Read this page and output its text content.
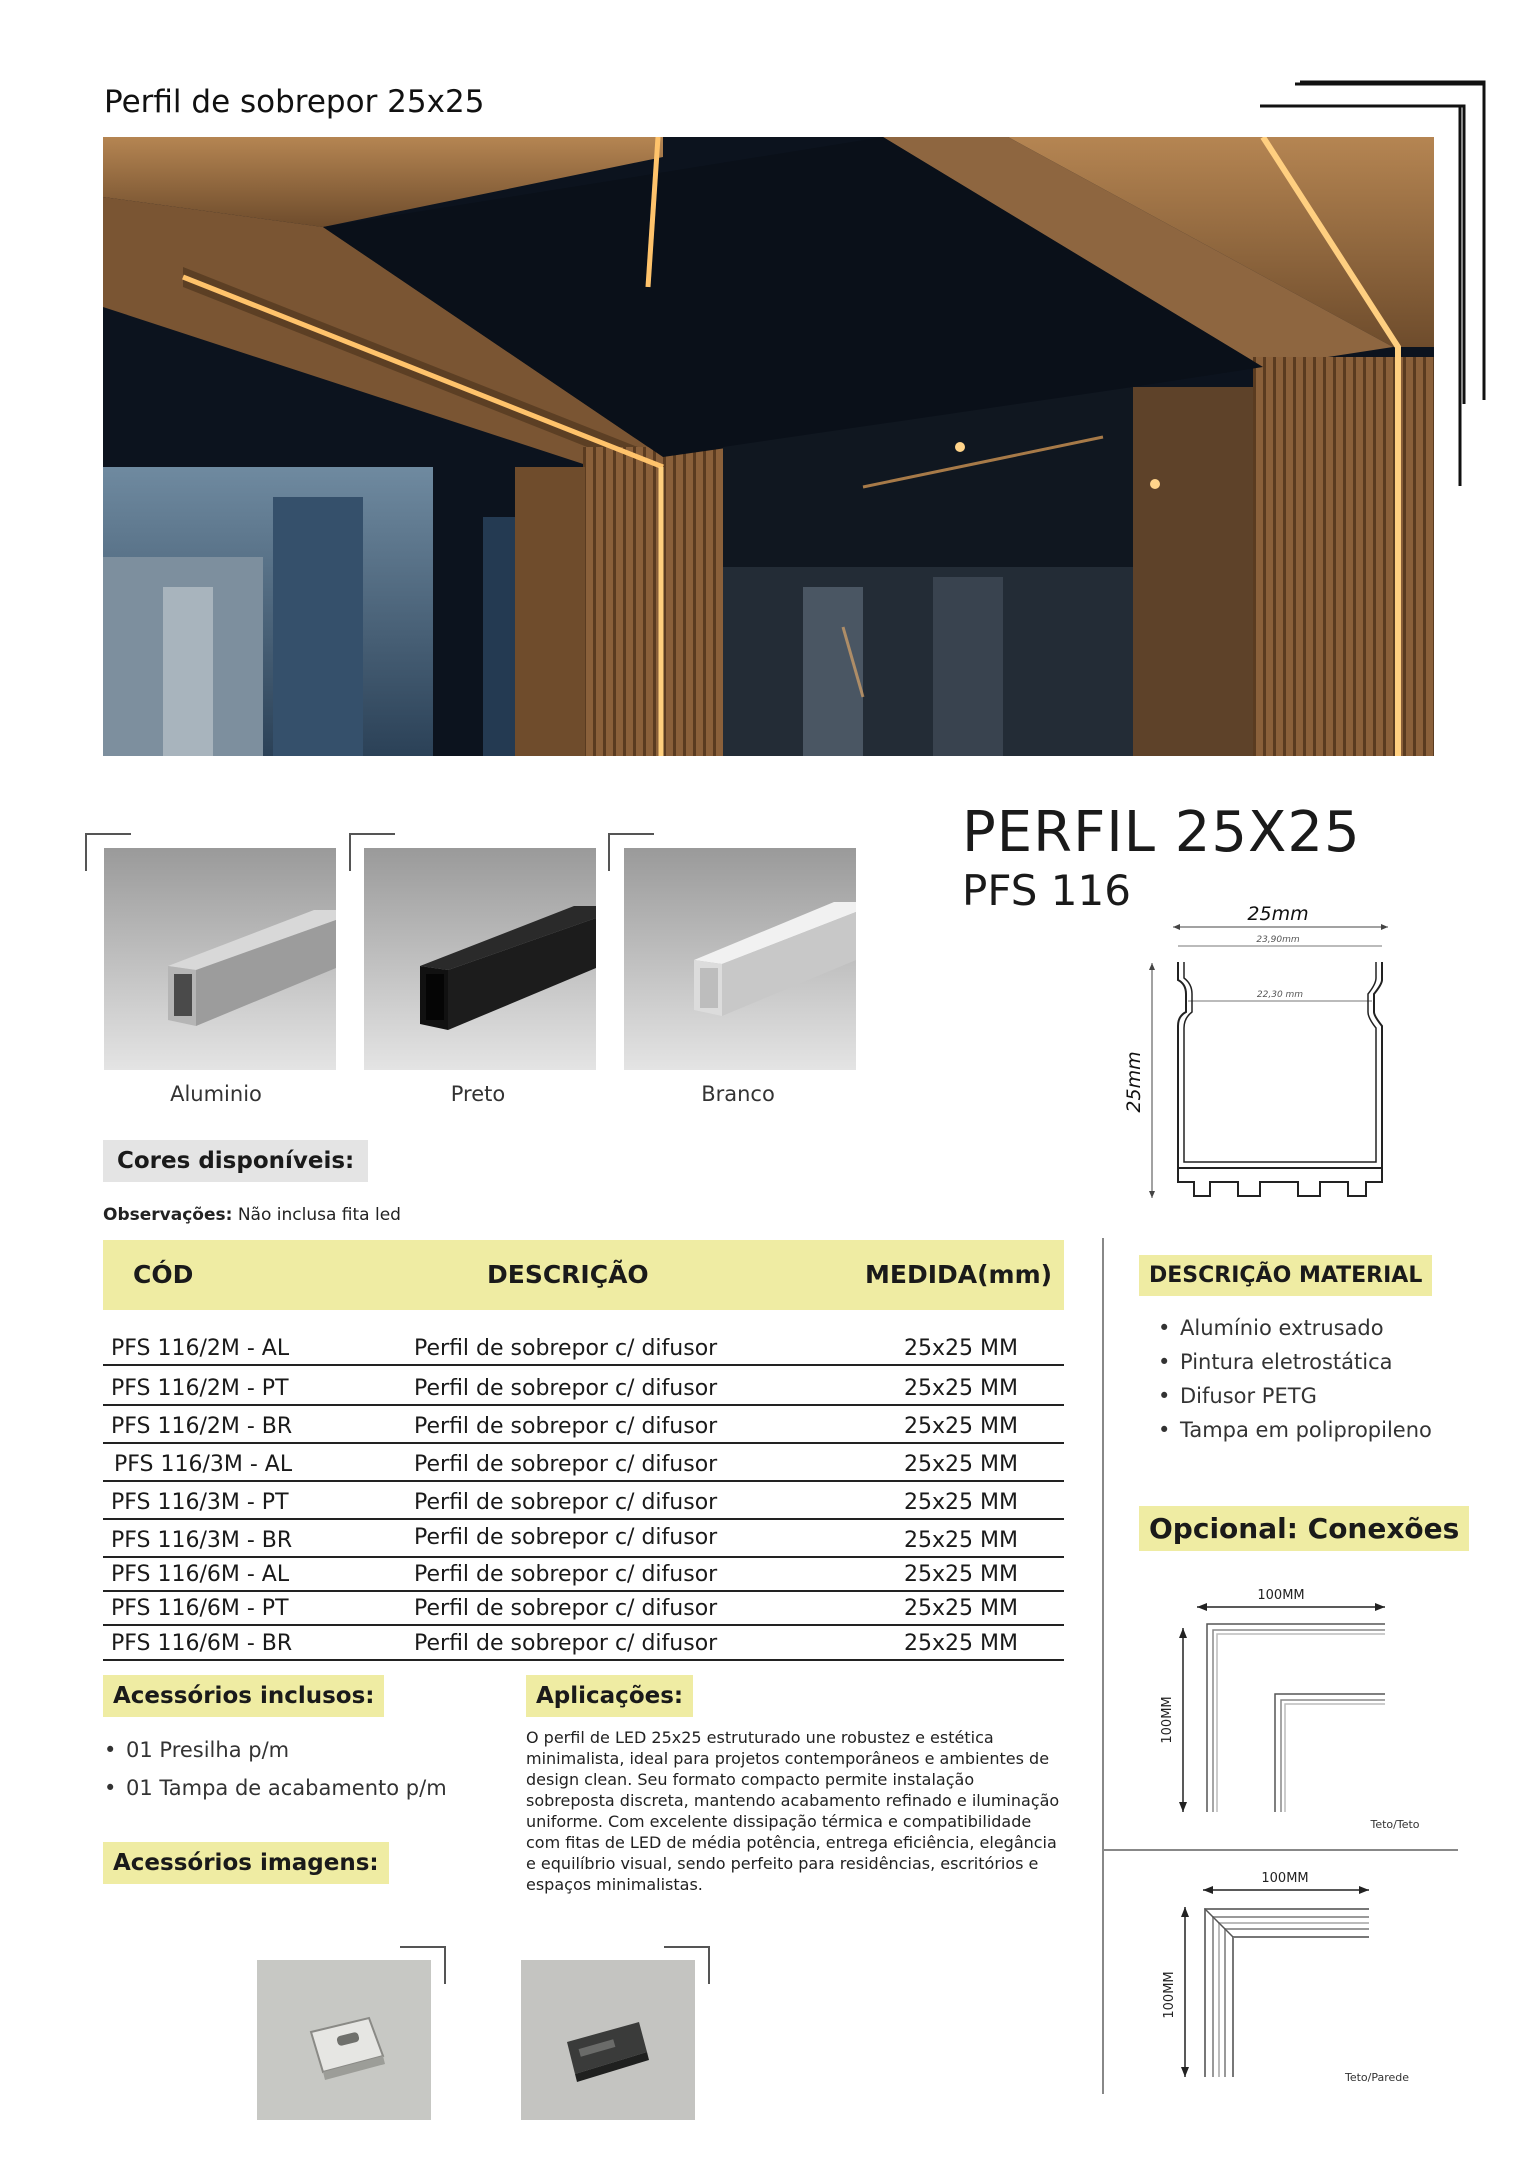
Perfil de sobrepor 25x25
Aluminio	Preto	Branco
Cores disponíveis:
PERFIL 25X25
PFS 116	25mm
23,90mm
22,30 mm
25mm
Observações: Não inclusa fita led
CÓD	DESCRIÇÃO	MEDIDA(mm)
PFS 116/2M - AL	Perfil de sobrepor c/ difusor	25x25 MM
PFS 116/2M - PT	Perfil de sobrepor c/ difusor	25x25 MM
PFS 116/2M - BR	Perfil de sobrepor c/ difusor	25x25 MM
PFS 116/3M - AL	Perfil de sobrepor c/ difusor	25x25 MM
PFS 116/3M - PT	Perfil de sobrepor c/ difusor	25x25 MM
PFS 116/3M - BR	Perfil de sobrepor c/ difusor	25x25 MM
PFS 116/6M - AL	Perfil de sobrepor c/ difusor	25x25 MM
PFS 116/6M - PT	Perfil de sobrepor c/ difusor	25x25 MM
PFS 116/6M - BR	Perfil de sobrepor c/ difusor	25x25 MM
DESCRIÇÃO MATERIAL
• Alumínio extrusado
• Pintura eletrostática
• Difusor PETG
• Tampa em polipropileno
Opcional: Conexões
100MM
100MM
Teto/Teto
100MM
100MM
Teto/Parede
Acessórios inclusos:
• 01 Presilha p/m
• 01 Tampa de acabamento p/m
Acessórios imagens:
Aplicações:
O perfil de LED 25x25 estruturado une robustez e estética minimalista, ideal para projetos contemporâneos e ambientes de design clean. Seu formato compacto permite instalação sobreposta discreta, mantendo acabamento refinado e iluminação uniforme. Com excelente dissipação térmica e compatibilidade com fitas de LED de média potência, entrega eficiência, elegância e equilíbrio visual, sendo perfeito para residências, escritórios e espaços minimalistas.
